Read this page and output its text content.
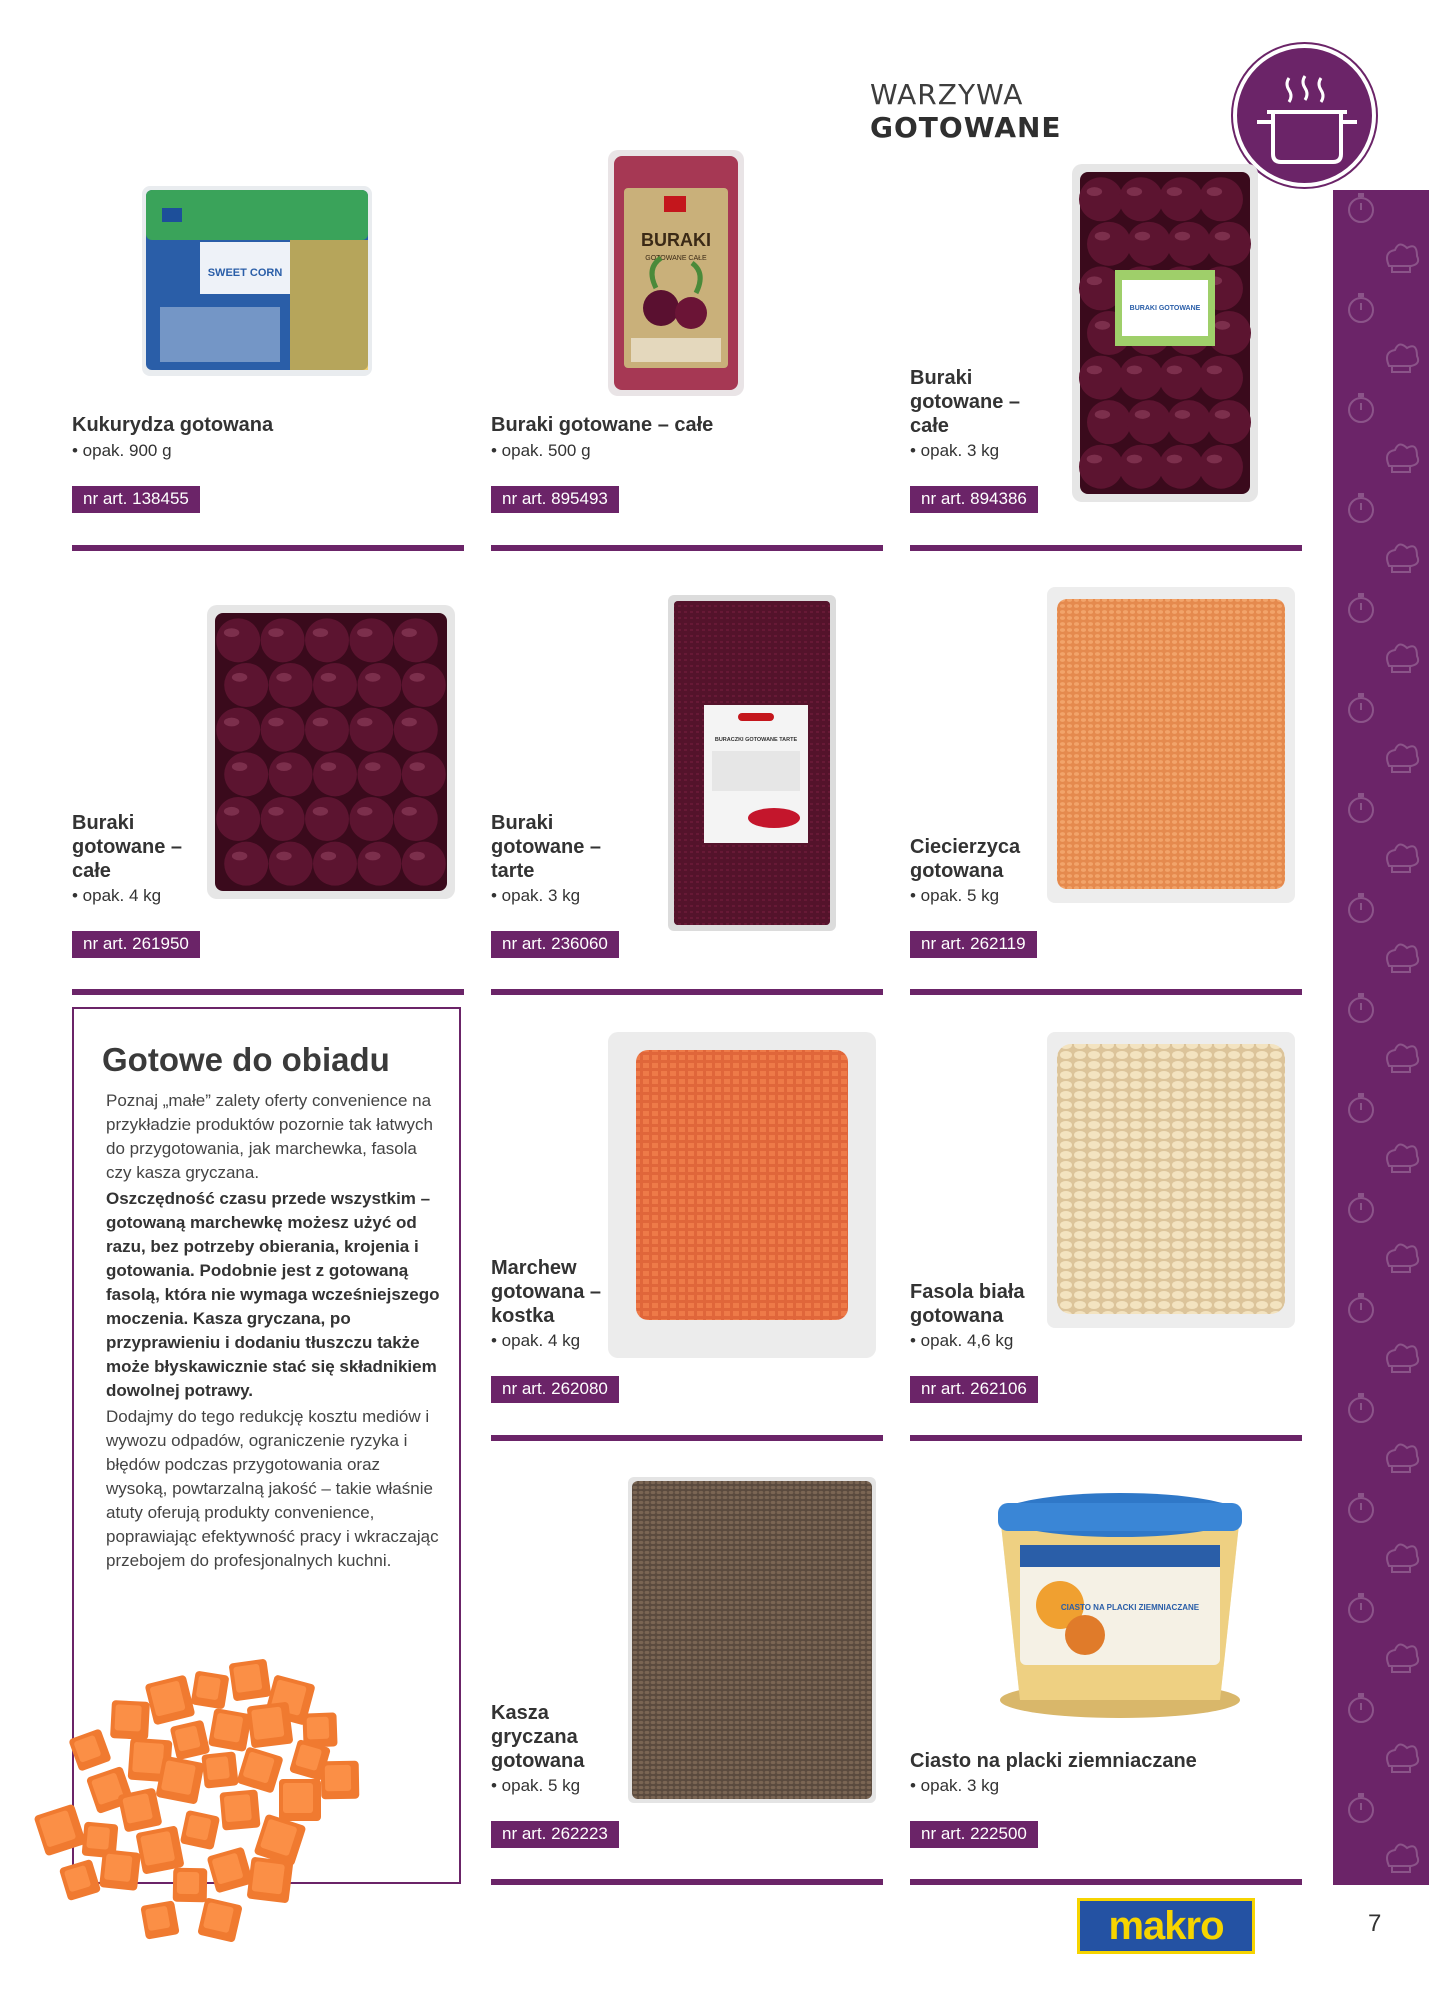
WARZYWA GOTOWANE
SWEET CORN
Kukurydza gotowana
• opak. 900 g
nr art. 138455
BURAKI
GOTOWANE CAŁE
Buraki gotowane – całe
• opak. 500 g
nr art. 895493
BURAKI GOTOWANE
Buraki gotowane – całe
• opak. 3 kg
nr art. 894386
Buraki gotowane – całe
• opak. 4 kg
nr art. 261950
BURACZKI GOTOWANE TARTE
Buraki gotowane – tarte
• opak. 3 kg
nr art. 236060
Ciecierzyca gotowana
• opak. 5 kg
nr art. 262119
Gotowe do obiadu

Poznaj „małe” zalety oferty convenience na przykładzie produktów pozornie tak łatwych do przygotowania, jak marchewka, fasola czy kasza gryczana.

Oszczędność czasu przede wszystkim – gotowaną marchewkę możesz użyć od razu, bez potrzeby obierania, krojenia i gotowania. Podobnie jest z gotowaną fasolą, która nie wymaga wcześniejszego moczenia. Kasza gryczana, po przyprawieniu i dodaniu tłuszczu także może błyskawicznie stać się składnikiem dowolnej potrawy.

Dodajmy do tego redukcję kosztu mediów i wywozu odpadów, ograniczenie ryzyka i błędów podczas przygotowania oraz wysoką, powtarzalną jakość – takie właśnie atuty oferują produkty convenience, poprawiając efektywność pracy i wkraczając przebojem do profesjonalnych kuchni.

Marchew gotowana – kostka
• opak. 4 kg
nr art. 262080
Fasola biała gotowana
• opak. 4,6 kg
nr art. 262106
Kasza gryczana gotowana
• opak. 5 kg
nr art. 262223
CIASTO NA PLACKI ZIEMNIACZANE
Ciasto na placki ziemniaczane
• opak. 3 kg
nr art. 222500
makro	7
